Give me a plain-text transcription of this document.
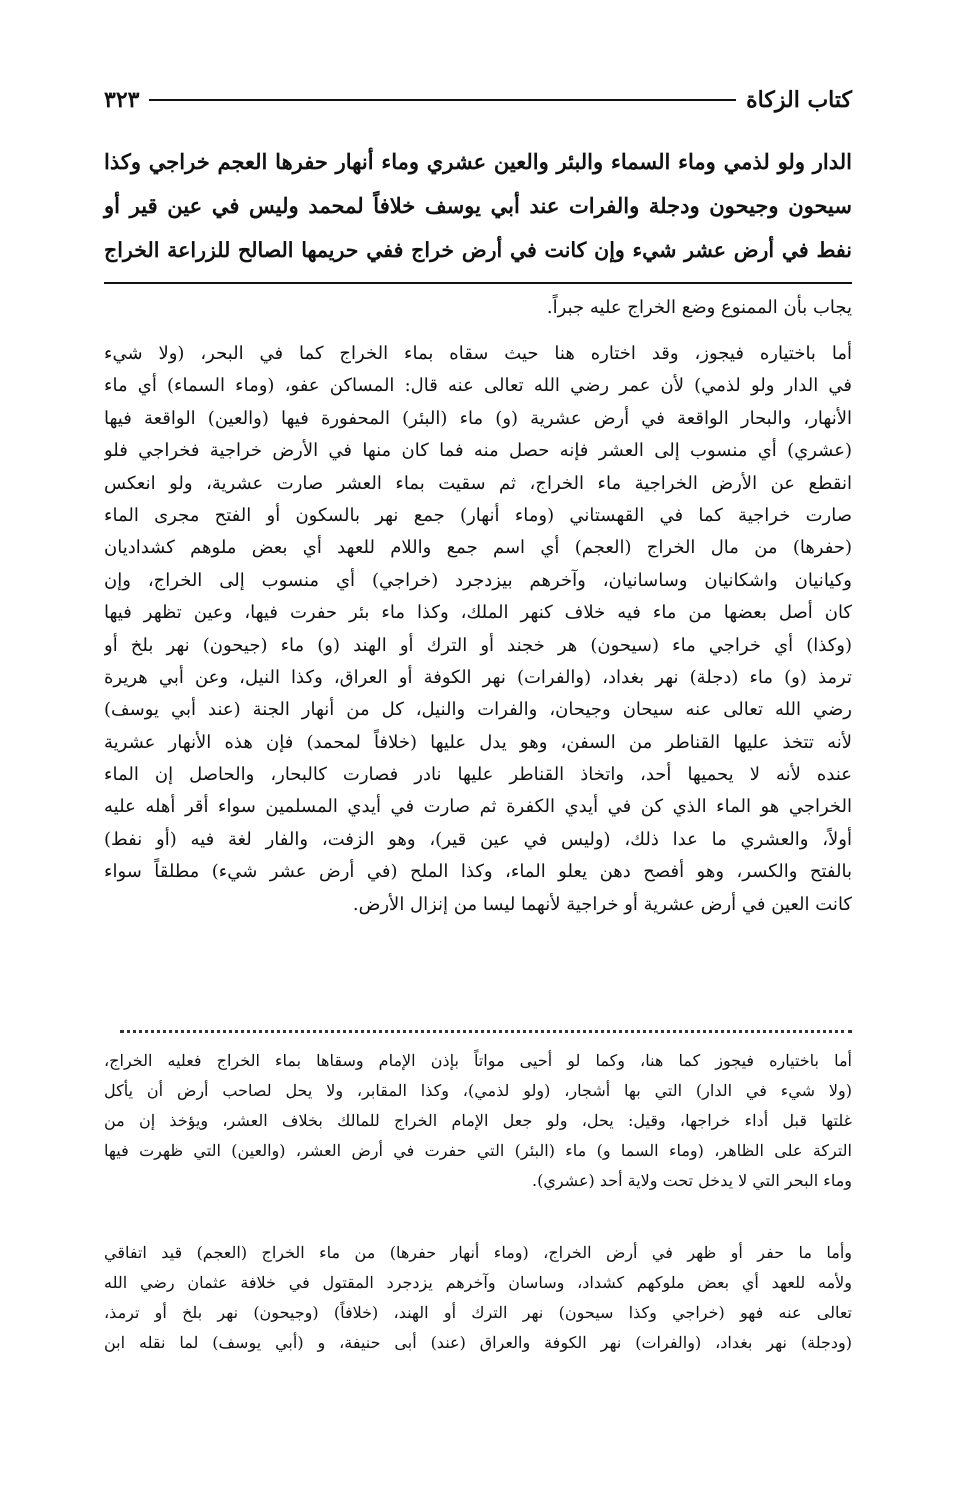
كتاب الزكاة
٣٢٣
الدار ولو لذمي وماء السماء والبئر والعين عشري وماء أنهار حفرها العجم خراجي وكذا
سيحون وجيحون ودجلة والفرات عند أبي يوسف خلافاً لمحمد وليس في عين قير أو
نفط في أرض عشر شيء وإن كانت في أرض خراج ففي حريمها الصالح للزراعة الخراج
يجاب بأن الممنوع وضع الخراج عليه جبراً.
أما باختياره فيجوز، وقد اختاره هنا حيث سقاه بماء الخراج كما في البحر، (ولا شيء
في الدار ولو لذمي) لأن عمر رضي الله تعالى عنه قال: المساكن عفو، (وماء السماء) أي ماء
الأنهار، والبحار الواقعة في أرض عشرية (و) ماء (البئر) المحفورة فيها (والعين) الواقعة فيها
(عشري) أي منسوب إلى العشر فإنه حصل منه فما كان منها في الأرض خراجية فخراجي فلو
انقطع عن الأرض الخراجية ماء الخراج، ثم سقيت بماء العشر صارت عشرية، ولو انعكس
صارت خراجية كما في القهستاني (وماء أنهار) جمع نهر بالسكون أو الفتح مجرى الماء
(حفرها) من مال الخراج (العجم) أي اسم جمع واللام للعهد أي بعض ملوهم كشداديان
وكيانيان واشكانيان وساسانيان، وآخرهم بيزدجرد (خراجي) أي منسوب إلى الخراج، وإن
كان أصل بعضها من ماء فيه خلاف كنهر الملك، وكذا ماء بئر حفرت فيها، وعين تظهر فيها
(وكذا) أي خراجي ماء (سيحون) هر خجند أو الترك أو الهند (و) ماء (جيحون) نهر بلخ أو
ترمذ (و) ماء (دجلة) نهر بغداد، (والفرات) نهر الكوفة أو العراق، وكذا النيل، وعن أبي هريرة
رضي الله تعالى عنه سيحان وجيحان، والفرات والنيل، كل من أنهار الجنة (عند أبي يوسف)
لأنه تتخذ عليها القناطر من السفن، وهو يدل عليها (خلافاً لمحمد) فإن هذه الأنهار عشرية
عنده لأنه لا يحميها أحد، واتخاذ القناطر عليها نادر فصارت كالبحار، والحاصل إن الماء
الخراجي هو الماء الذي كن في أيدي الكفرة ثم صارت في أيدي المسلمين سواء أقر أهله عليه
أولاً، والعشري ما عدا ذلك، (وليس في عين قير)، وهو الزفت، والفار لغة فيه (أو نفط)
بالفتح والكسر، وهو أفصح دهن يعلو الماء، وكذا الملح (في أرض عشر شيء) مطلقاً سواء
كانت العين في أرض عشرية أو خراجية لأنهما ليسا من إنزال الأرض.
أما باختياره فيجوز كما هنا، وكما لو أحيى مواتاً بإذن الإمام وسقاها بماء الخراج فعليه الخراج،
(ولا شيء في الدار) التي بها أشجار، (ولو لذمي)، وكذا المقابر، ولا يحل لصاحب أرض أن يأكل
غلتها قبل أداء خراجها، وقيل: يحل، ولو جعل الإمام الخراج للمالك بخلاف العشر، ويؤخذ إن من
التركة على الظاهر، (وماء السما و) ماء (البئر) التي حفرت في أرض العشر، (والعين) التي ظهرت فيها
وماء البحر التي لا يدخل تحت ولاية أحد (عشري).
وأما ما حفر أو ظهر في أرض الخراج، (وماء أنهار حفرها) من ماء الخراج (العجم) قيد اتفاقي
ولأمه للعهد أي بعض ملوكهم كشداد، وساسان وآخرهم يزدجرد المقتول في خلافة عثمان رضي الله
تعالى عنه فهو (خراجي وكذا سيحون) نهر الترك أو الهند، (خلافاً) (وجيحون) نهر بلخ أو ترمذ،
(ودجلة) نهر بغداد، (والفرات) نهر الكوفة والعراق (عند) أبى حنيفة، و (أبي يوسف) لما نقله ابن
